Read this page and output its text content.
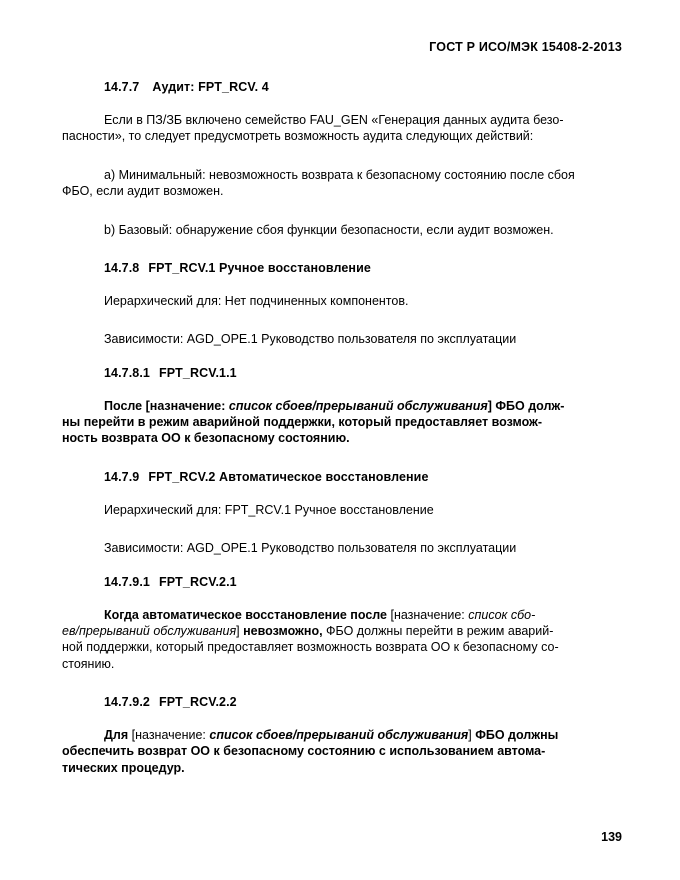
ГОСТ Р ИСО/МЭК 15408-2-2013
14.7.7 Аудит: FPT_RCV. 4

Если в ПЗ/ЗБ включено семейство FAU_GEN «Генерация данных аудита безо-

пасности», то следует предусмотреть возможность аудита следующих действий:

a) Минимальный: невозможность возврата к безопасному состоянию после сбоя

ФБО, если аудит возможен.

b) Базовый: обнаружение сбоя функции безопасности, если аудит возможен.

14.7.8 FPT_RCV.1 Ручное восстановление

Иерархический для: Нет подчиненных компонентов.

Зависимости: AGD_OPE.1 Руководство пользователя по эксплуатации

14.7.8.1 FPT_RCV.1.1

После [назначение: список сбоев/прерываний обслуживания] ФБО долж-

ны перейти в режим аварийной поддержки, который предоставляет возмож-

ность возврата ОО к безопасному состоянию.

14.7.9 FPT_RCV.2 Автоматическое восстановление

Иерархический для: FPT_RCV.1 Ручное восстановление

Зависимости: AGD_OPE.1 Руководство пользователя по эксплуатации

14.7.9.1 FPT_RCV.2.1

Когда автоматическое восстановление после [назначение: список сбо-

ев/прерываний обслуживания] невозможно, ФБО должны перейти в режим аварий-

ной поддержки, который предоставляет возможность возврата ОО к безопасному со-

стоянию.

14.7.9.2 FPT_RCV.2.2

Для [назначение: список сбоев/прерываний обслуживания] ФБО должны

обеспечить возврат ОО к безопасному состоянию с использованием автома-

тических процедур.

139
